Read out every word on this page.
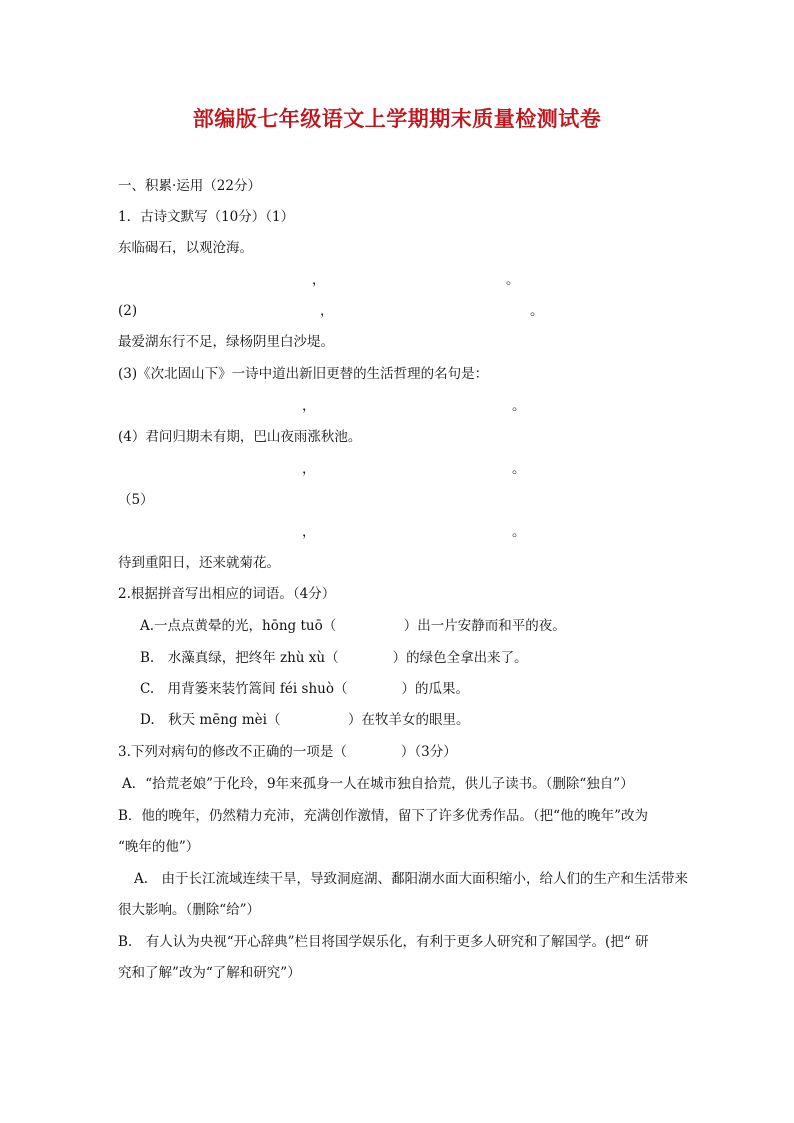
部编版七年级语文上学期期末质量检测试卷
一、积累·运用（22分）
1．古诗文默写（10分）（1）
东临碣石，以观沧海。
，	。
(2)	，	。
最爱湖东行不足，绿杨阴里白沙堤。
(3)《次北固山下》一诗中道出新旧更替的生活哲理的名句是：
，	。
(4）君问归期未有期，巴山夜雨涨秋池。
，	。
（5）
，	。
待到重阳日，还来就菊花。
2.根据拼音写出相应的词语。（4分）
A.一点点黄晕的光，hōng tuō（　　　　　）出一片安静而和平的夜。
B.　水藻真绿，把终年 zhù xù（　　　　）的绿色全拿出来了。
C.　用背篓来装竹篙间 féi shuò（　　　　）的瓜果。
D.　秋天 mēng mèi（　　　　　）在牧羊女的眼里。
3.下列对病句的修改不正确的一项是（　　　　）（3分）
A．“拾荒老娘”于化玲，9年来孤身一人在城市独自拾荒，供儿子读书。（删除“独自”）
B．他的晚年，仍然精力充沛，充满创作激情，留下了许多优秀作品。（把“他的晚年”改为
“晚年的他”）
A.　由于长江流域连续干旱，导致洞庭湖、鄱阳湖水面大面积缩小，给人们的生产和生活带来
很大影响。（删除“给”）
B.　有人认为央视“开心辞典”栏目将国学娱乐化，有利于更多人研究和了解国学。(把“ 研
究和了解”改为“了解和研究”）
